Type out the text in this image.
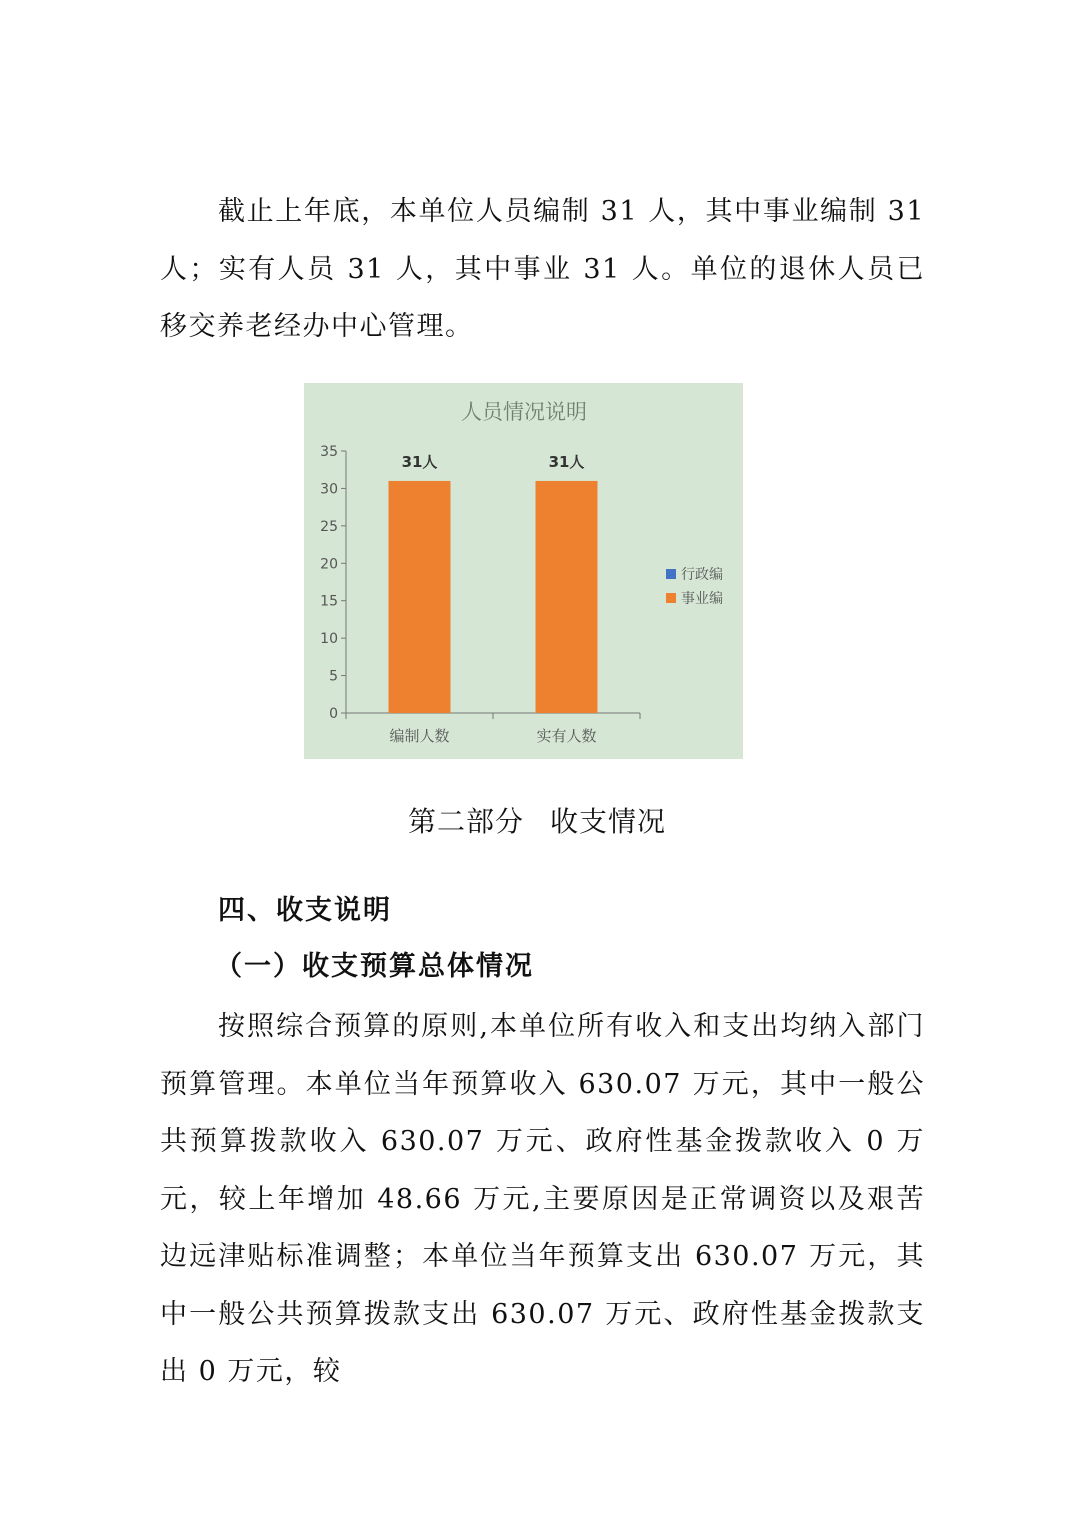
截止上年底，本单位人员编制 31 人，其中事业编制 31 人；实有人员 31 人，其中事业 31 人。单位的退休人员已移交养老经办中心管理。

人员情况说明
0
5
10
15
20
25
30
35
编制人数	实有人数
31人	31人
行政编
事业编
第二部分 收支情况
四、收支说明
（一）收支预算总体情况

按照综合预算的原则,本单位所有收入和支出均纳入部门预算管理。本单位当年预算收入 630.07 万元，其中一般公共预算拨款收入 630.07 万元、政府性基金拨款收入 0 万元，较上年增加 48.66 万元,主要原因是正常调资以及艰苦边远津贴标准调整；本单位当年预算支出 630.07 万元，其中一般公共预算拨款支出 630.07 万元、政府性基金拨款支出 0 万元，较
